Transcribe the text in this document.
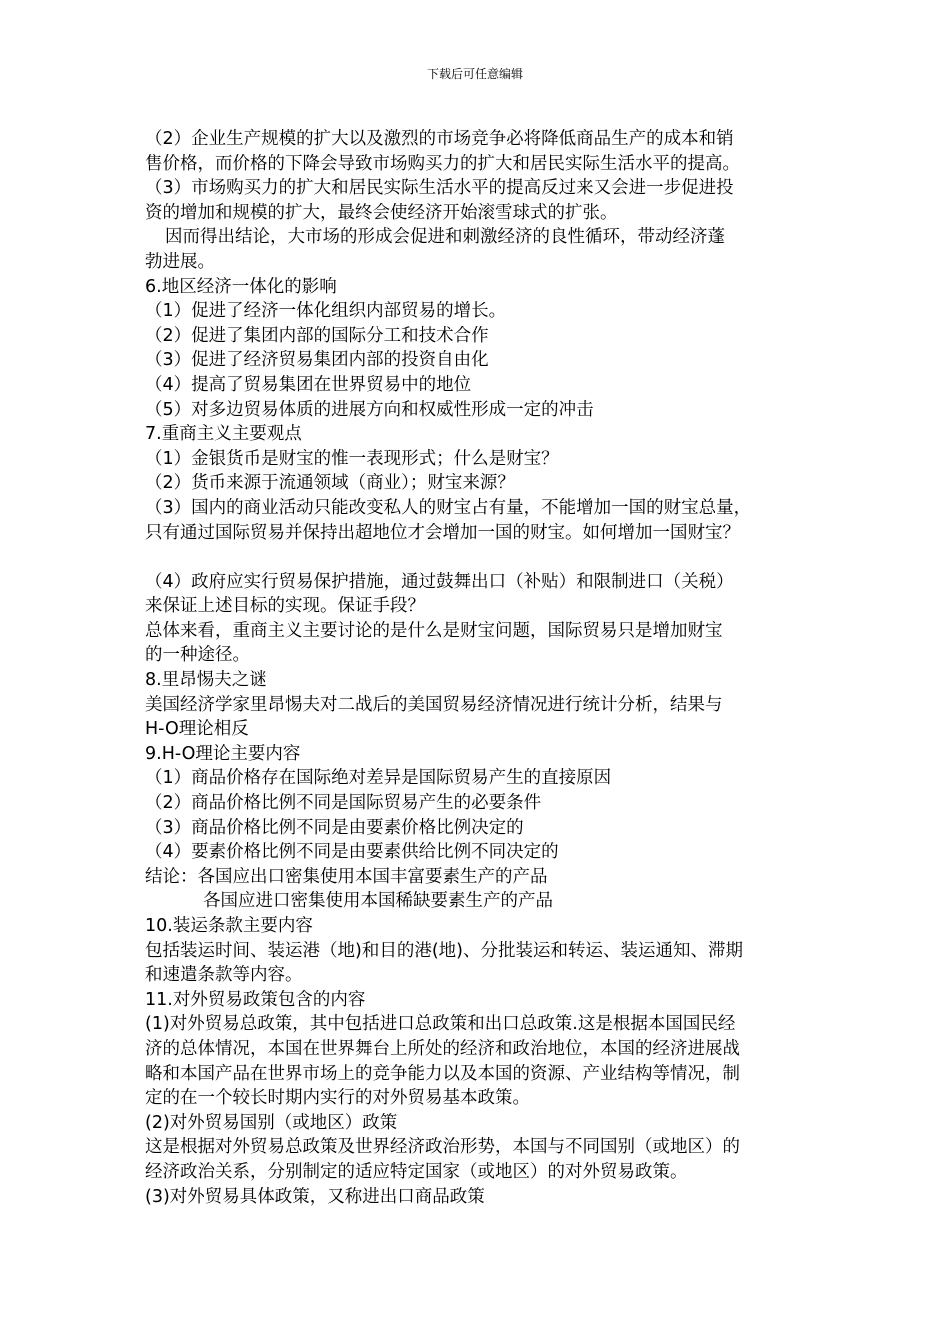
下载后可任意编辑
（2）企业生产规模的扩大以及激烈的市场竞争必将降低商品生产的成本和销
售价格，而价格的下降会导致市场购买力的扩大和居民实际生活水平的提高。
（3）市场购买力的扩大和居民实际生活水平的提高反过来又会进一步促进投
资的增加和规模的扩大，最终会使经济开始滚雪球式的扩张。
因而得出结论，大市场的形成会促进和刺激经济的良性循环，带动经济蓬
勃进展。
6.地区经济一体化的影响
（1）促进了经济一体化组织内部贸易的增长。
（2）促进了集团内部的国际分工和技术合作
（3）促进了经济贸易集团内部的投资自由化
（4）提高了贸易集团在世界贸易中的地位
（5）对多边贸易体质的进展方向和权威性形成一定的冲击
7.重商主义主要观点
（1）金银货币是财宝的惟一表现形式；什么是财宝？
（2）货币来源于流通领域（商业）；财宝来源？
（3）国内的商业活动只能改变私人的财宝占有量，不能增加一国的财宝总量，
只有通过国际贸易并保持出超地位才会增加一国的财宝。如何增加一国财宝？
（4）政府应实行贸易保护措施，通过鼓舞出口（补贴）和限制进口（关税）
来保证上述目标的实现。保证手段？
总体来看，重商主义主要讨论的是什么是财宝问题，国际贸易只是增加财宝
的一种途径。
8.里昂惕夫之谜
美国经济学家里昂惕夫对二战后的美国贸易经济情况进行统计分析，结果与
H-O理论相反
9.H-O理论主要内容
（1）商品价格存在国际绝对差异是国际贸易产生的直接原因
（2）商品价格比例不同是国际贸易产生的必要条件
（3）商品价格比例不同是由要素价格比例决定的
（4）要素价格比例不同是由要素供给比例不同决定的
结论：各国应出口密集使用本国丰富要素生产的产品
各国应进口密集使用本国稀缺要素生产的产品
10.装运条款主要内容
包括装运时间、装运港（地)和目的港(地)、分批装运和转运、装运通知、滞期
和速遣条款等内容。
11.对外贸易政策包含的内容
(1)对外贸易总政策，其中包括进口总政策和出口总政策.这是根据本国国民经
济的总体情况，本国在世界舞台上所处的经济和政治地位，本国的经济进展战
略和本国产品在世界市场上的竞争能力以及本国的资源、产业结构等情况，制
定的在一个较长时期内实行的对外贸易基本政策。
(2)对外贸易国别（或地区）政策
这是根据对外贸易总政策及世界经济政治形势，本国与不同国别（或地区）的
经济政治关系，分别制定的适应特定国家（或地区）的对外贸易政策。
(3)对外贸易具体政策，又称进出口商品政策
